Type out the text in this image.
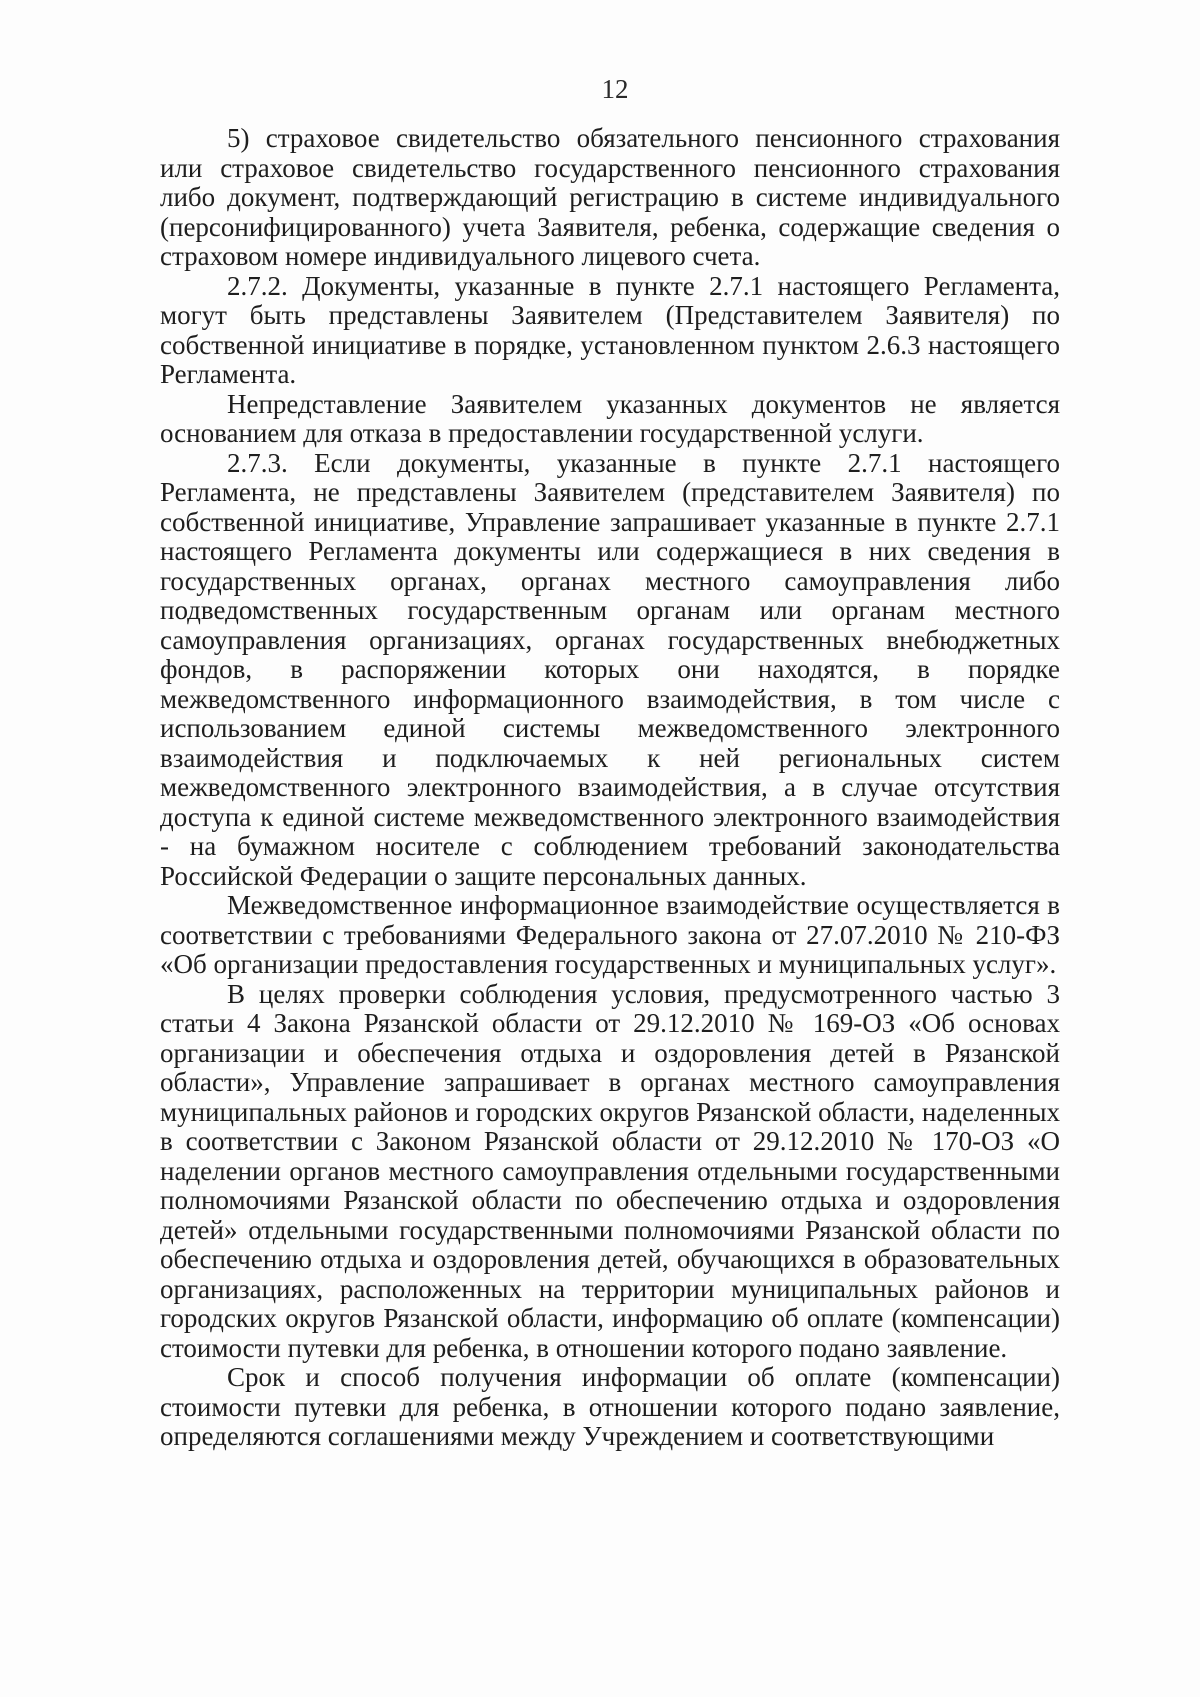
12

5) страховое свидетельство обязательного пенсионного страхования или страховое свидетельство государственного пенсионного страхования либо документ, подтверждающий регистрацию в системе индивидуального (персонифицированного) учета Заявителя, ребенка, содержащие сведения о страховом номере индивидуального лицевого счета.

2.7.2. Документы, указанные в пункте 2.7.1 настоящего Регламента, могут быть представлены Заявителем (Представителем Заявителя) по собственной инициативе в порядке, установленном пунктом 2.6.3 настоящего Регламента.

Непредставление Заявителем указанных документов не является основанием для отказа в предоставлении государственной услуги.

2.7.3. Если документы, указанные в пункте 2.7.1 настоящего Регламента, не представлены Заявителем (представителем Заявителя) по собственной инициативе, Управление запрашивает указанные в пункте 2.7.1 настоящего Регламента документы или содержащиеся в них сведения в государственных органах, органах местного самоуправления либо подведомственных государственным органам или органам местного самоуправления организациях, органах государственных внебюджетных фондов, в распоряжении которых они находятся, в порядке межведомственного информационного взаимодействия, в том числе с использованием единой системы межведомственного электронного взаимодействия и подключаемых к ней региональных систем межведомственного электронного взаимодействия, а в случае отсутствия доступа к единой системе межведомственного электронного взаимодействия - на бумажном носителе с соблюдением требований законодательства Российской Федерации о защите персональных данных.

Межведомственное информационное взаимодействие осуществляется в соответствии с требованиями Федерального закона от 27.07.2010 № 210-ФЗ «Об организации предоставления государственных и муниципальных услуг».

В целях проверки соблюдения условия, предусмотренного частью 3 статьи 4 Закона Рязанской области от 29.12.2010 № 169-ОЗ «Об основах организации и обеспечения отдыха и оздоровления детей в Рязанской области», Управление запрашивает в органах местного самоуправления муниципальных районов и городских округов Рязанской области, наделенных в соответствии с Законом Рязанской области от 29.12.2010 № 170-ОЗ «О наделении органов местного самоуправления отдельными государственными полномочиями Рязанской области по обеспечению отдыха и оздоровления детей» отдельными государственными полномочиями Рязанской области по обеспечению отдыха и оздоровления детей, обучающихся в образовательных организациях, расположенных на территории муниципальных районов и городских округов Рязанской области, информацию об оплате (компенсации) стоимости путевки для ребенка, в отношении которого подано заявление.

Срок и способ получения информации об оплате (компенсации) стоимости путевки для ребенка, в отношении которого подано заявление, определяются соглашениями между Учреждением и соответствующими
